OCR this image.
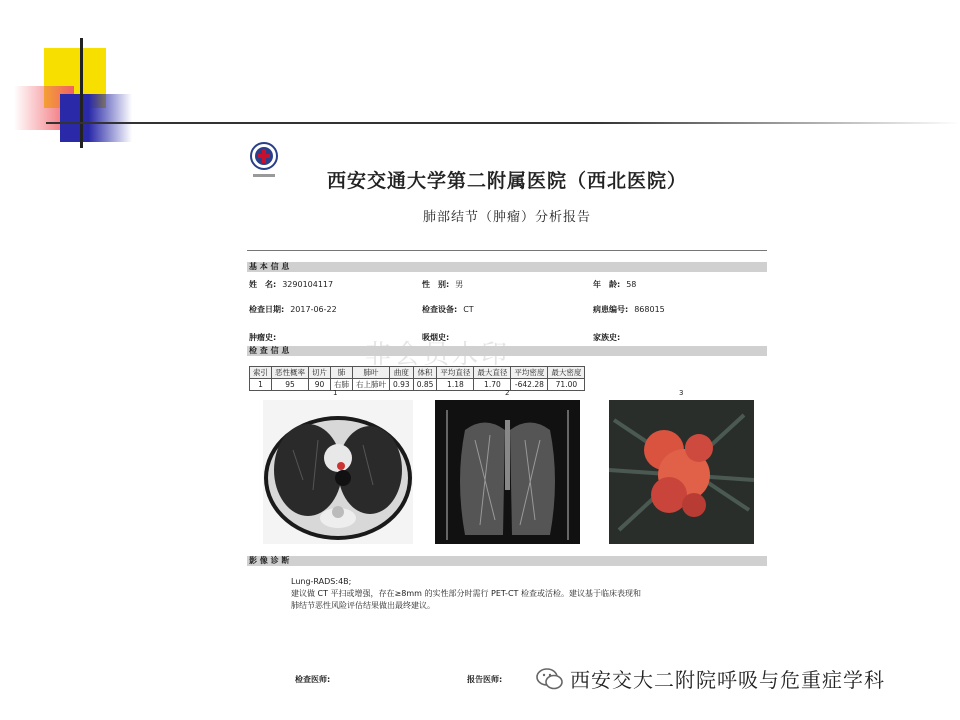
西安交通大学第二附属医院（西北医院）
肺部结节（肿瘤）分析报告
基 本 信 息
姓　名: 3290104117	性　别: 男	年　龄: 58
检查日期: 2017-06-22	检查设备: CT	病患编号: 868015
肿瘤史:	吸烟史:	家族史:
检 查 信 息
索引	恶性概率	切片	肺	肺叶	曲度	体积	平均直径	最大直径	平均密度	最大密度
1	95	90	右肺	右上肺叶	0.93	0.85	1.18	1.70	-642.28	71.00
1	2	3
影 像 诊 断
Lung-RADS:4B;
建议做 CT 平扫或增强，存在≥8mm 的实性部分时需行 PET-CT 检查或活检。建议基于临床表现和
肺结节恶性风险评估结果做出最终建议。
检查医师:	报告医师:	西安交大二附院呼吸与危重症学科
